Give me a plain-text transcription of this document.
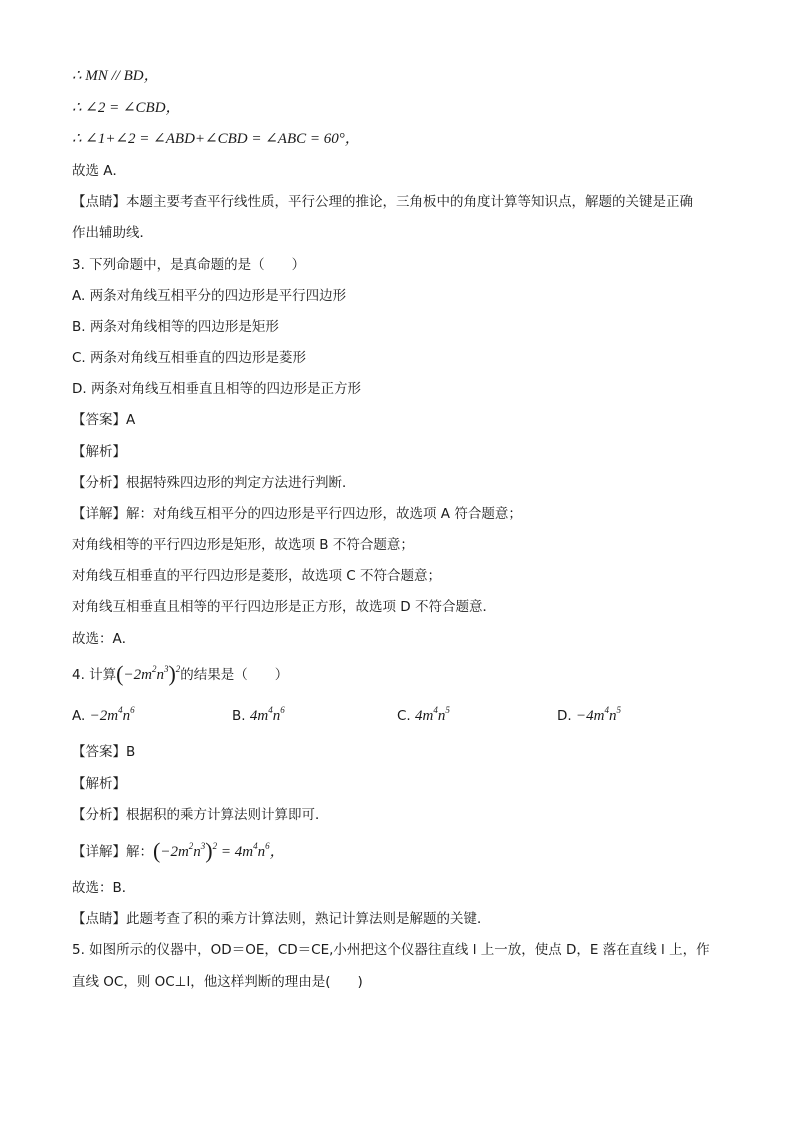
∴ MN // BD，
∴ ∠2 = ∠CBD，
∴ ∠1+∠2 = ∠ABD+∠CBD = ∠ABC = 60°，
故选 A．
【点睛】本题主要考查平行线性质，平行公理的推论，三角板中的角度计算等知识点，解题的关键是正确
作出辅助线．
3. 下列命题中，是真命题的是（　　）
A. 两条对角线互相平分的四边形是平行四边形
B. 两条对角线相等的四边形是矩形
C. 两条对角线互相垂直的四边形是菱形
D. 两条对角线互相垂直且相等的四边形是正方形
【答案】A
【解析】
【分析】根据特殊四边形的判定方法进行判断．
【详解】解：对角线互相平分的四边形是平行四边形，故选项 A 符合题意；
对角线相等的平行四边形是矩形，故选项 B 不符合题意；
对角线互相垂直的平行四边形是菱形，故选项 C 不符合题意；
对角线互相垂直且相等的平行四边形是正方形，故选项 D 不符合题意．
故选：A．
4. 计算$(-2m^2n^3)^2$的结果是（　　）
A. $-2m^4n^6$	B. $4m^4n^6$	C. $4m^4n^5$	D. $-4m^4n^5$
【答案】B
【解析】
【分析】根据积的乘方计算法则计算即可．
【详解】解：$(-2m^2n^3)^2 = 4m^4n^6$，
故选：B．
【点睛】此题考查了积的乘方计算法则，熟记计算法则是解题的关键．
5. 如图所示的仪器中，OD＝OE，CD＝CE,小州把这个仪器往直线 l 上一放，使点 D，E 落在直线 l 上，作
直线 OC，则 OC⊥l，他这样判断的理由是(　　)
